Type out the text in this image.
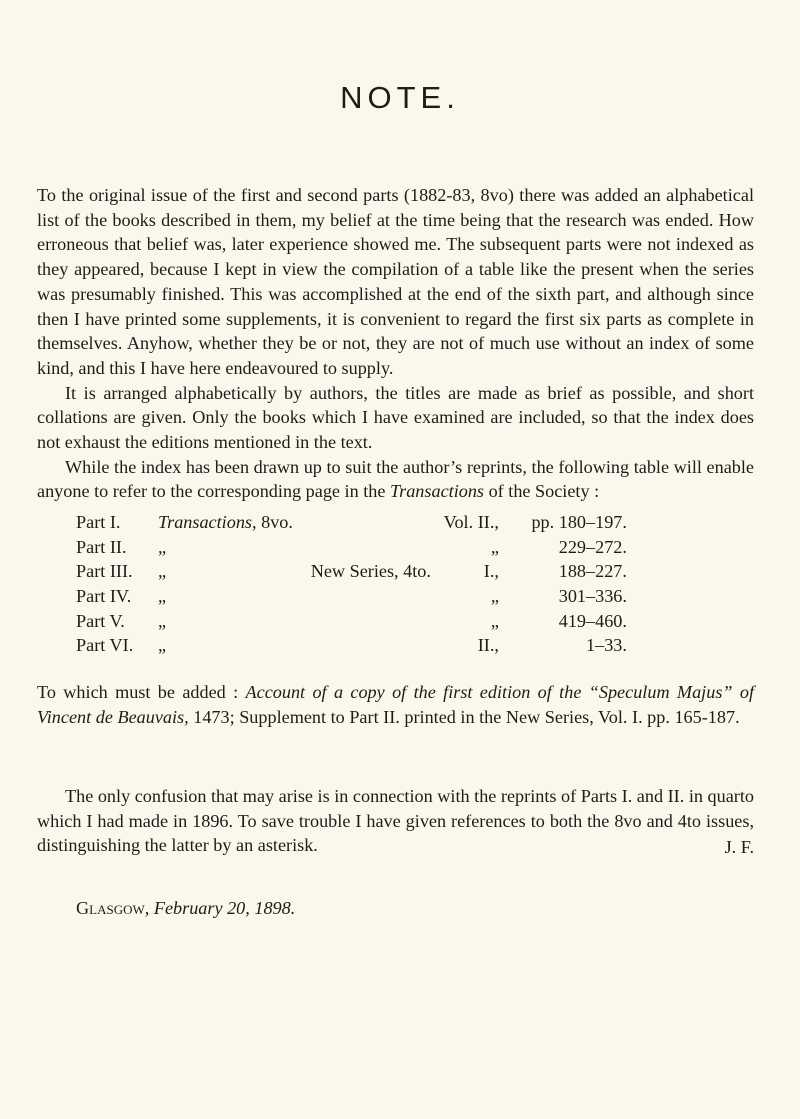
NOTE.

To the original issue of the first and second parts (1882-83, 8vo) there was added an alphabetical list of the books described in them, my belief at the time being that the research was ended. How erroneous that belief was, later experience showed me. The subsequent parts were not indexed as they appeared, because I kept in view the compilation of a table like the present when the series was presumably finished. This was accomplished at the end of the sixth part, and although since then I have printed some supplements, it is convenient to regard the first six parts as complete in themselves. Anyhow, whether they be or not, they are not of much use without an index of some kind, and this I have here endeavoured to supply.

It is arranged alphabetically by authors, the titles are made as brief as possible, and short collations are given. Only the books which I have examined are included, so that the index does not exhaust the editions mentioned in the text.

While the index has been drawn up to suit the author’s reprints, the following table will enable anyone to refer to the corresponding page in the Transactions of the Society :

Part I.	Transactions, 8vo.		Vol. II.,	pp. 180–197.
Part II.	„		„	229–272.
Part III.	„	New Series, 4to.	I.,	188–227.
Part IV.	„		„	301–336.
Part V.	„		„	419–460.
Part VI.	„		II.,	1–33.

To which must be added : Account of a copy of the first edition of the “Speculum Majus” of Vincent de Beauvais, 1473; Supplement to Part II. printed in the New Series, Vol. I. pp. 165-187.

The only confusion that may arise is in connection with the reprints of Parts I. and II. in quarto which I had made in 1896. To save trouble I have given references to both the 8vo and 4to issues, distinguishing the latter by an asterisk.	J. F.
Glasgow, February 20, 1898.
